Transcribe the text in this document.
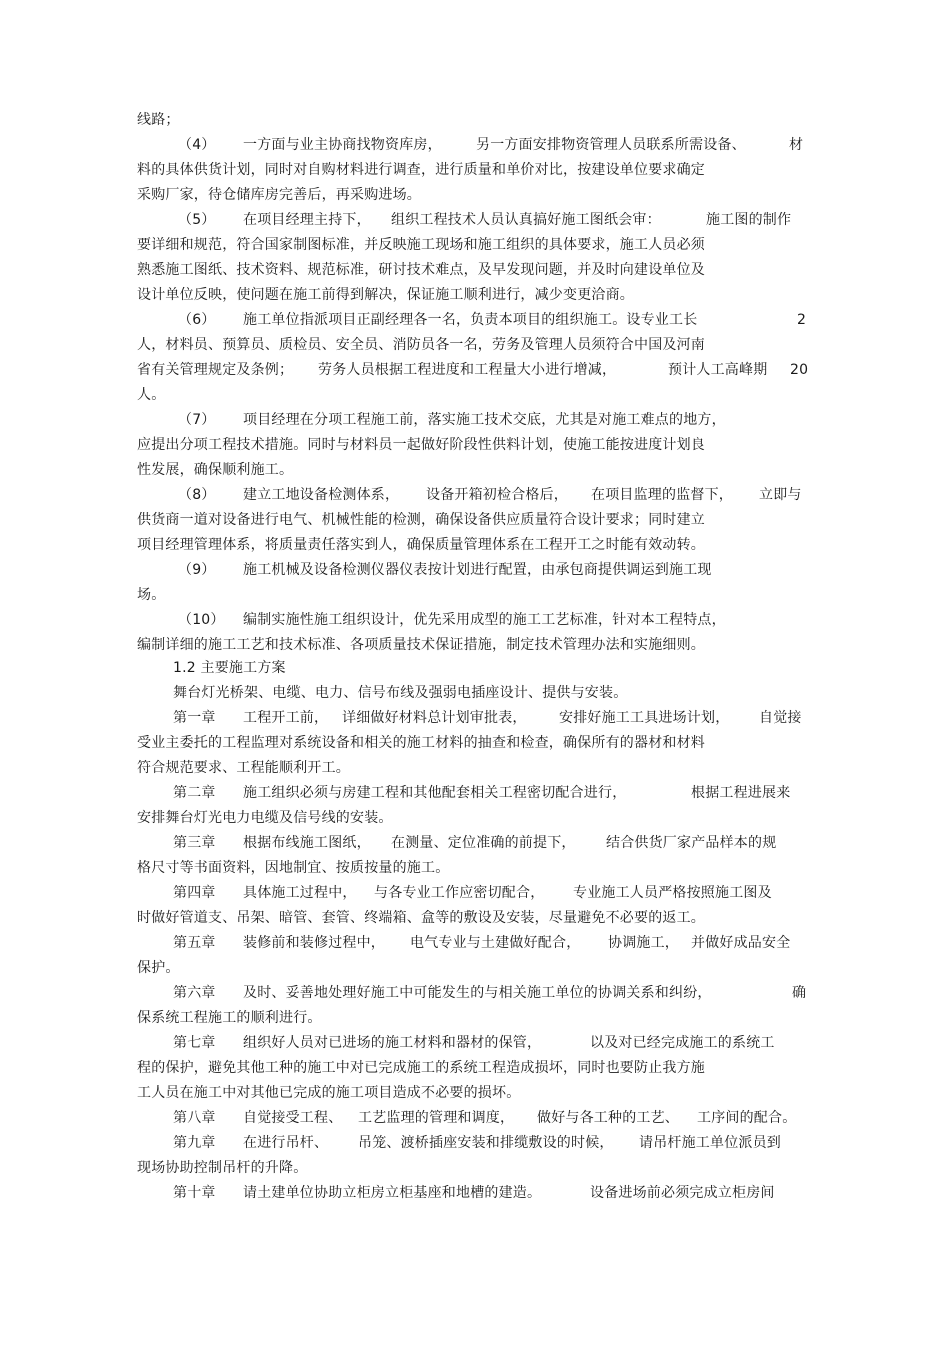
线路；
（4） 一方面与业主协商找物资库房， 另一方面安排物资管理人员联系所需设备、	材
料的具体供货计划，同时对自购材料进行调查，进行质量和单价对比，按建设单位要求确定
采购厂家，待仓储库房完善后，再采购进场。
（5） 在项目经理主持下， 组织工程技术人员认真搞好施工图纸会审：	施工图的制作
要详细和规范，符合国家制图标准，并反映施工现场和施工组织的具体要求，施工人员必须
熟悉施工图纸、技术资料、规范标准，研讨技术难点，及早发现问题，并及时向建设单位及
设计单位反映，使问题在施工前得到解决，保证施工顺利进行，减少变更洽商。
（6） 施工单位指派项目正副经理各一名，负责本项目的组织施工。设专业工长	2
人，材料员、预算员、质检员、安全员、消防员各一名，劳务及管理人员须符合中国及河南
省有关管理规定及条例； 劳务人员根据工程进度和工程量大小进行增减，	预计人工高峰期 20
人。
（7） 项目经理在分项工程施工前，落实施工技术交底，尤其是对施工难点的地方，
应提出分项工程技术措施。同时与材料员一起做好阶段性供料计划，使施工能按进度计划良
性发展，确保顺利施工。
（8） 建立工地设备检测体系， 设备开箱初检合格后， 在项目监理的监督下， 立即与
供货商一道对设备进行电气、机械性能的检测，确保设备供应质量符合设计要求；同时建立
项目经理管理体系，将质量责任落实到人，确保质量管理体系在工程开工之时能有效动转。
（9） 施工机械及设备检测仪器仪表按计划进行配置，由承包商提供调运到施工现
场。
（10） 编制实施性施工组织设计，优先采用成型的施工工艺标准，针对本工程特点，
编制详细的施工工艺和技术标准、各项质量技术保证措施，制定技术管理办法和实施细则。
1.2 主要施工方案
舞台灯光桥架、电缆、电力、信号布线及强弱电插座设计、提供与安装。
第一章 工程开工前， 详细做好材料总计划审批表， 安排好施工工具进场计划， 自觉接
受业主委托的工程监理对系统设备和相关的施工材料的抽查和检查，确保所有的器材和材料
符合规范要求、工程能顺利开工。
第二章 施工组织必须与房建工程和其他配套相关工程密切配合进行，	根据工程进展来
安排舞台灯光电力电缆及信号线的安装。
第三章 根据布线施工图纸， 在测量、定位准确的前提下， 结合供货厂家产品样本的规
格尺寸等书面资料，因地制宜、按质按量的施工。
第四章 具体施工过程中， 与各专业工作应密切配合， 专业施工人员严格按照施工图及
时做好管道支、吊架、暗管、套管、终端箱、盒等的敷设及安装，尽量避免不必要的返工。
第五章 装修前和装修过程中， 电气专业与土建做好配合， 协调施工， 并做好成品安全
保护。
第六章 及时、妥善地处理好施工中可能发生的与相关施工单位的协调关系和纠纷，	确
保系统工程施工的顺利进行。
第七章 组织好人员对已进场的施工材料和器材的保管，	以及对已经完成施工的系统工
程的保护，避免其他工种的施工中对已完成施工的系统工程造成损坏，同时也要防止我方施
工人员在施工中对其他已完成的施工项目造成不必要的损坏。
第八章 自觉接受工程、 工艺监理的管理和调度， 做好与各工种的工艺、 工序间的配合。
第九章 在进行吊杆、 吊笼、渡桥插座安装和排缆敷设的时候， 请吊杆施工单位派员到
现场协助控制吊杆的升降。
第十章 请土建单位协助立柜房立柜基座和地槽的建造。	设备进场前必须完成立柜房间
